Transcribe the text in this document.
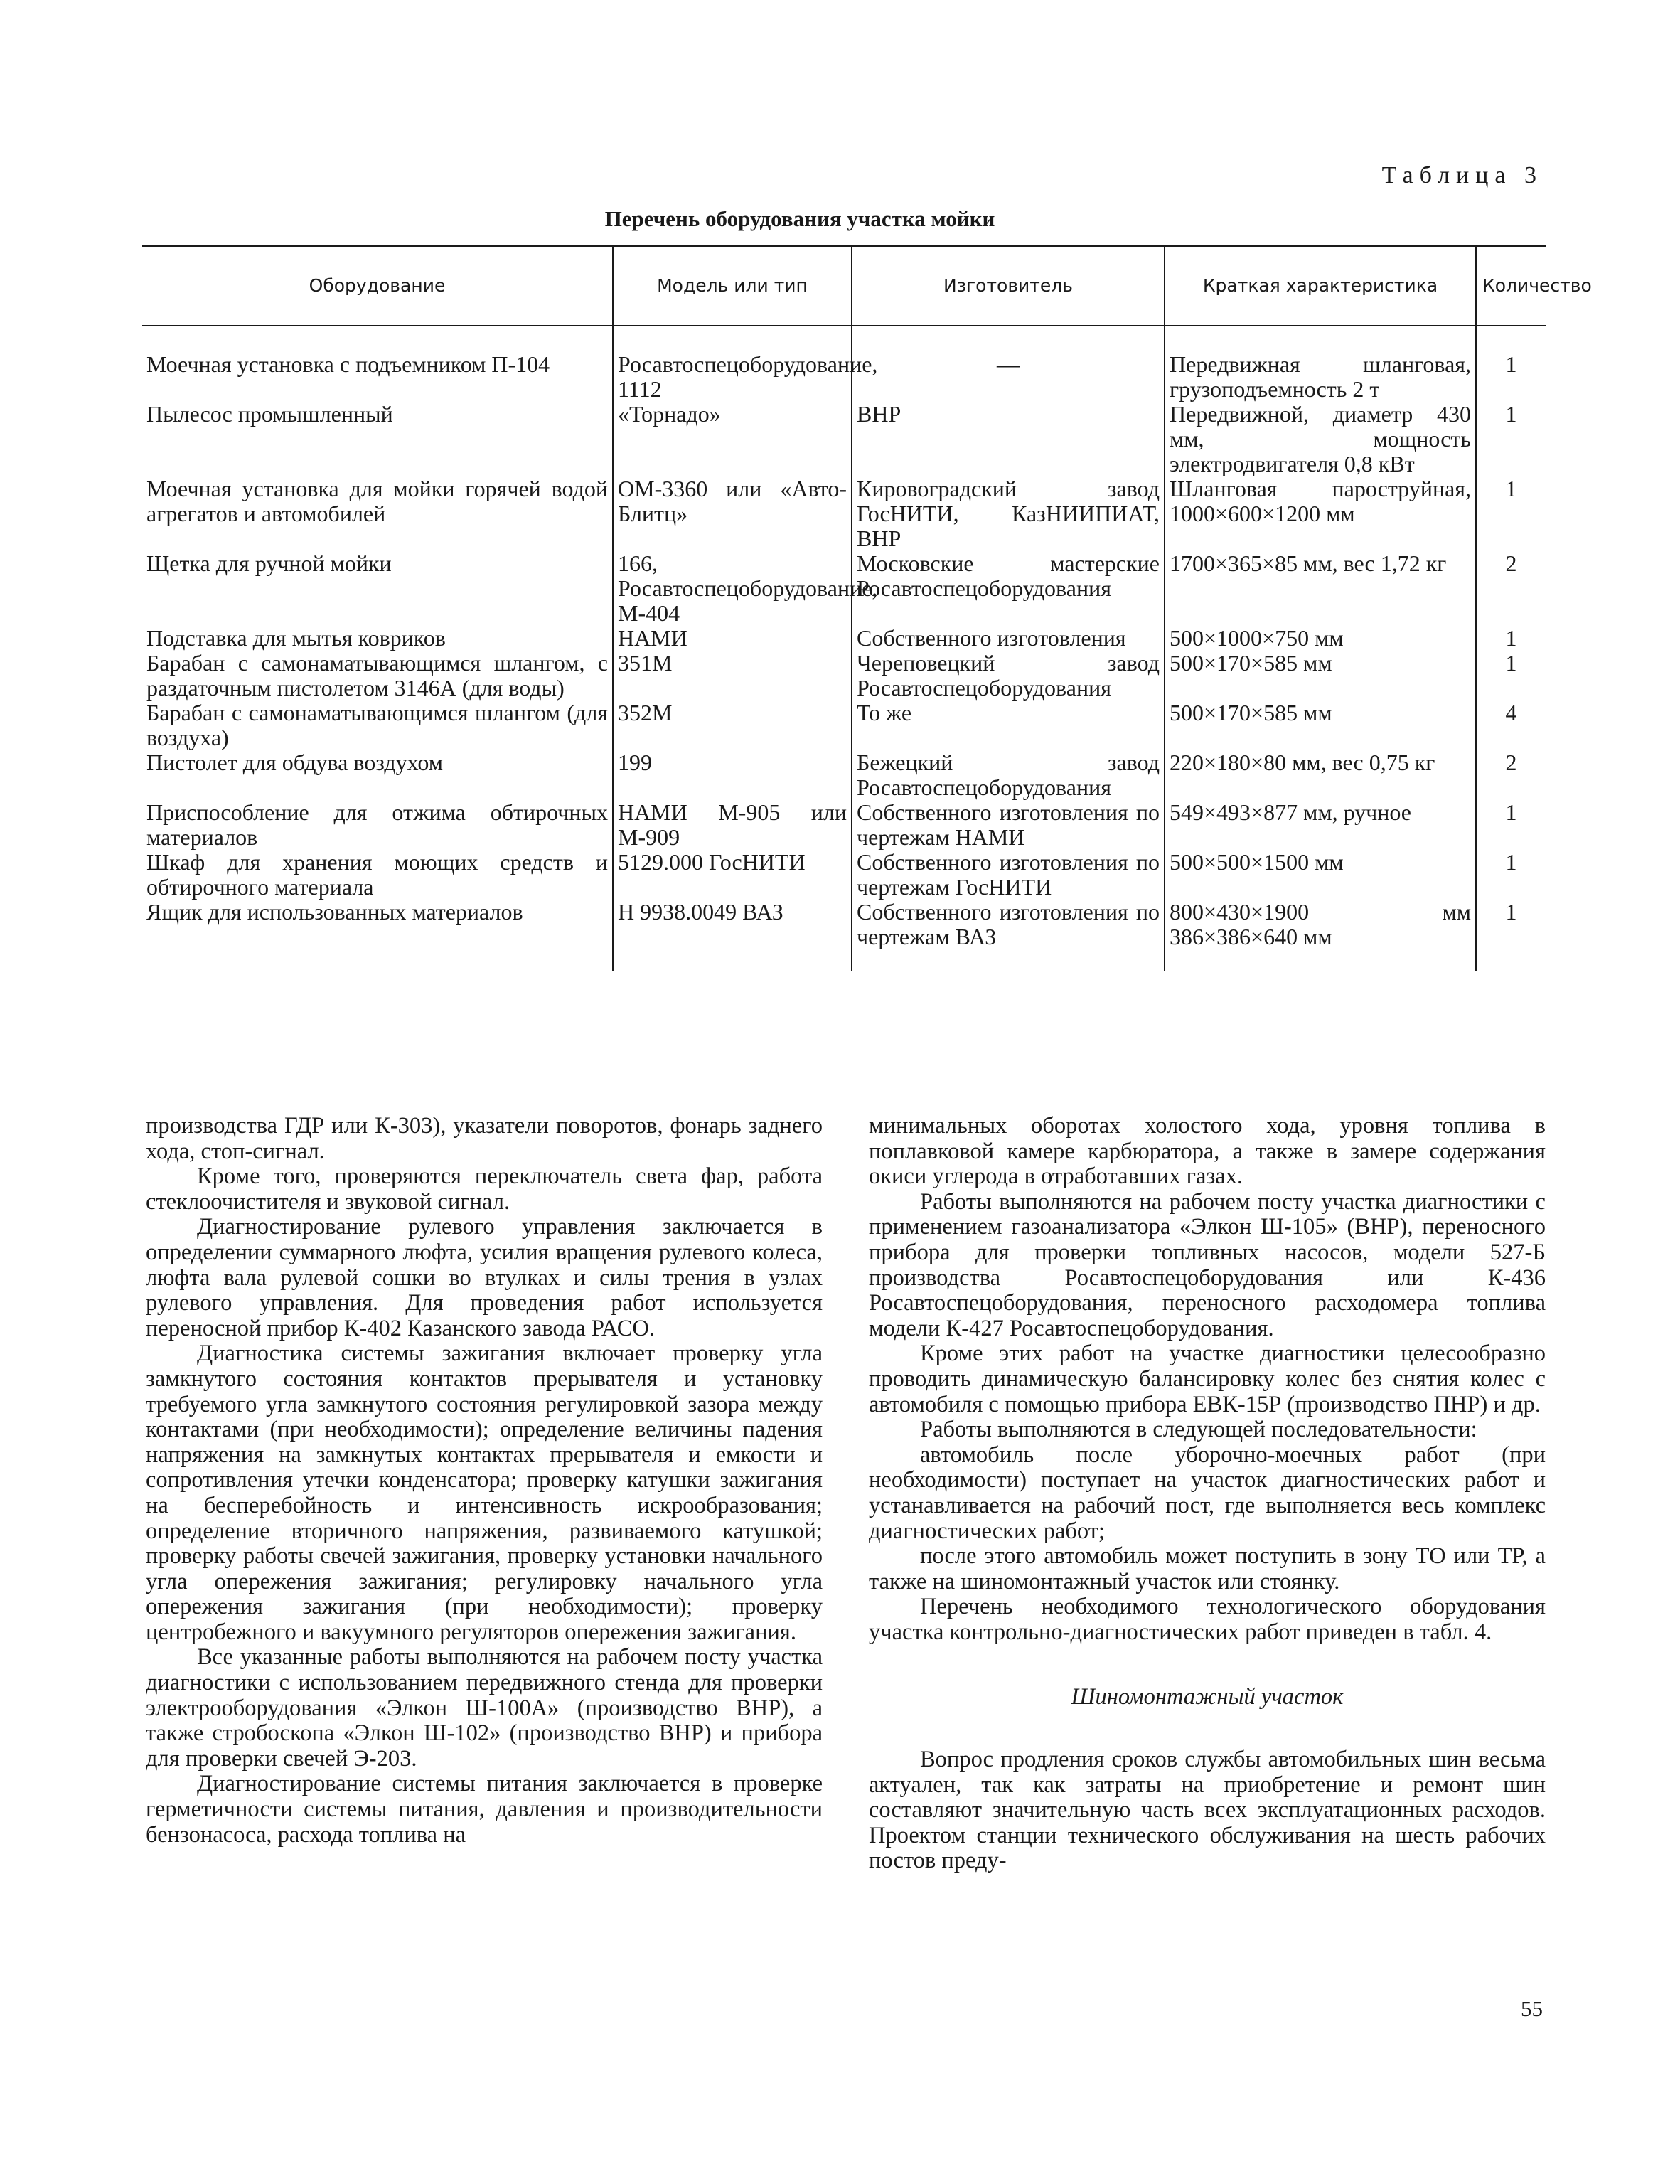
Таблица 3
Перечень оборудования участка мойки
Оборудование	Модель или тип	Изготовитель	Краткая характеристика	Количество
Моечная установка с подъемником П-104	Росавтоспецоборудование, 1112	—	Передвижная шланговая, грузоподъемность 2 т	1
Пылесос промышленный	«Торнадо»	ВНР	Передвижной, диаметр 430 мм, мощность электродвигателя 0,8 кВт	1
Моечная установка для мойки горячей водой агрегатов и автомобилей	ОМ-3360 или «Авто-Блитц»	Кировоградский завод ГосНИТИ, КазНИИПИАТ, ВНР	Шланговая пароструйная, 1000×600×1200 мм	1
Щетка для ручной мойки	166, Росавтоспецоборудование, М-404	Московские мастерские Росавтоспецоборудования	1700×365×85 мм, вес 1,72 кг	2
Подставка для мытья ковриков	НАМИ	Собственного изготовления	500×1000×750 мм	1
Барабан с самонаматывающимся шлангом, с раздаточным пистолетом 3146А (для воды)	351М	Череповецкий завод Росавтоспецоборудования	500×170×585 мм	1
Барабан с самонаматывающимся шлангом (для воздуха)	352М	То же	500×170×585 мм	4
Пистолет для обдува воздухом	199	Бежецкий завод Росавтоспецоборудования	220×180×80 мм, вес 0,75 кг	2
Приспособление для отжима обтирочных материалов	НАМИ М-905 или М-909	Собственного изготовления по чертежам НАМИ	549×493×877 мм, ручное	1
Шкаф для хранения моющих средств и обтирочного материала	5129.000 ГосНИТИ	Собственного изготовления по чертежам ГосНИТИ	500×500×1500 мм	1
Ящик для использованных материалов	Н 9938.0049 ВАЗ	Собственного изготовления по чертежам ВАЗ	800×430×1900 мм 386×386×640 мм	1

производства ГДР или К-303), указатели поворотов, фонарь заднего хода, стоп-сигнал.

Кроме того, проверяются переключатель света фар, работа стеклоочистителя и звуковой сигнал.

Диагностирование рулевого управления заключается в определении суммарного люфта, усилия вращения рулевого колеса, люфта вала рулевой сошки во втулках и силы трения в узлах рулевого управления. Для проведения работ используется переносной прибор К-402 Казанского завода РАСО.

Диагностика системы зажигания включает проверку угла замкнутого состояния контактов прерывателя и установку требуемого угла замкнутого состояния регулировкой зазора между контактами (при необходимости); определение величины падения напряжения на замкнутых контактах прерывателя и емкости и сопротивления утечки конденсатора; проверку катушки зажигания на бесперебойность и интенсивность искрообразования; определение вторичного напряжения, развиваемого катушкой; проверку работы свечей зажигания, проверку установки начального угла опережения зажигания; регулировку начального угла опережения зажигания (при необходимости); проверку центробежного и вакуумного регуляторов опережения зажигания.

Все указанные работы выполняются на рабочем посту участка диагностики с использованием передвижного стенда для проверки электрооборудования «Элкон Ш-100А» (производство ВНР), а также стробоскопа «Элкон Ш-102» (производство ВНР) и прибора для проверки свечей Э-203.

Диагностирование системы питания заключается в проверке герметичности системы питания, давления и производительности бензонасоса, расхода топлива на

минимальных оборотах холостого хода, уровня топлива в поплавковой камере карбюратора, а также в замере содержания окиси углерода в отработавших газах.

Работы выполняются на рабочем посту участка диагностики с применением газоанализатора «Элкон Ш-105» (ВНР), переносного прибора для проверки топливных насосов, модели 527-Б производства Росавтоспецоборудования или К-436 Росавтоспецоборудования, переносного расходомера топлива модели К-427 Росавтоспецоборудования.

Кроме этих работ на участке диагностики целесообразно проводить динамическую балансировку колес без снятия колес с автомобиля с помощью прибора ЕВК-15Р (производство ПНР) и др.

Работы выполняются в следующей последовательности:

автомобиль после уборочно-моечных работ (при необходимости) поступает на участок диагностических работ и устанавливается на рабочий пост, где выполняется весь комплекс диагностических работ;

после этого автомобиль может поступить в зону ТО или ТР, а также на шиномонтажный участок или стоянку.

Перечень необходимого технологического оборудования участка контрольно-диагностических работ приведен в табл. 4.

Шиномонтажный участок

Вопрос продления сроков службы автомобильных шин весьма актуален, так как затраты на приобретение и ремонт шин составляют значительную часть всех эксплуатационных расходов. Проектом станции технического обслуживания на шесть рабочих постов преду-

55
